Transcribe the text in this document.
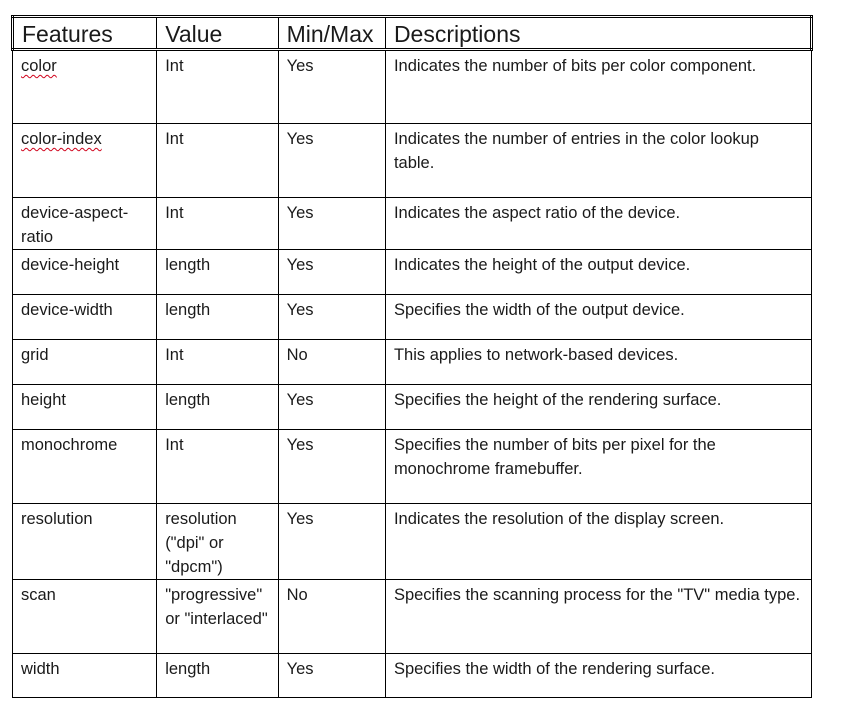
Features	Value	Min/Max	Descriptions
color	Int	Yes	Indicates the number of bits per color component.
color-index	Int	Yes	Indicates the number of entries in the color lookup table.
device-aspect-ratio	Int	Yes	Indicates the aspect ratio of the device.
device-height	length	Yes	Indicates the height of the output device.
device-width	length	Yes	Specifies the width of the output device.
grid	Int	No	This applies to network-based devices.
height	length	Yes	Specifies the height of the rendering surface.
monochrome	Int	Yes	Specifies the number of bits per pixel for the monochrome framebuffer.
resolution	resolution ("dpi" or "dpcm")	Yes	Indicates the resolution of the display screen.
scan	"progressive" or "interlaced"	No	Specifies the scanning process for the "TV" media type.
width	length	Yes	Specifies the width of the rendering surface.
